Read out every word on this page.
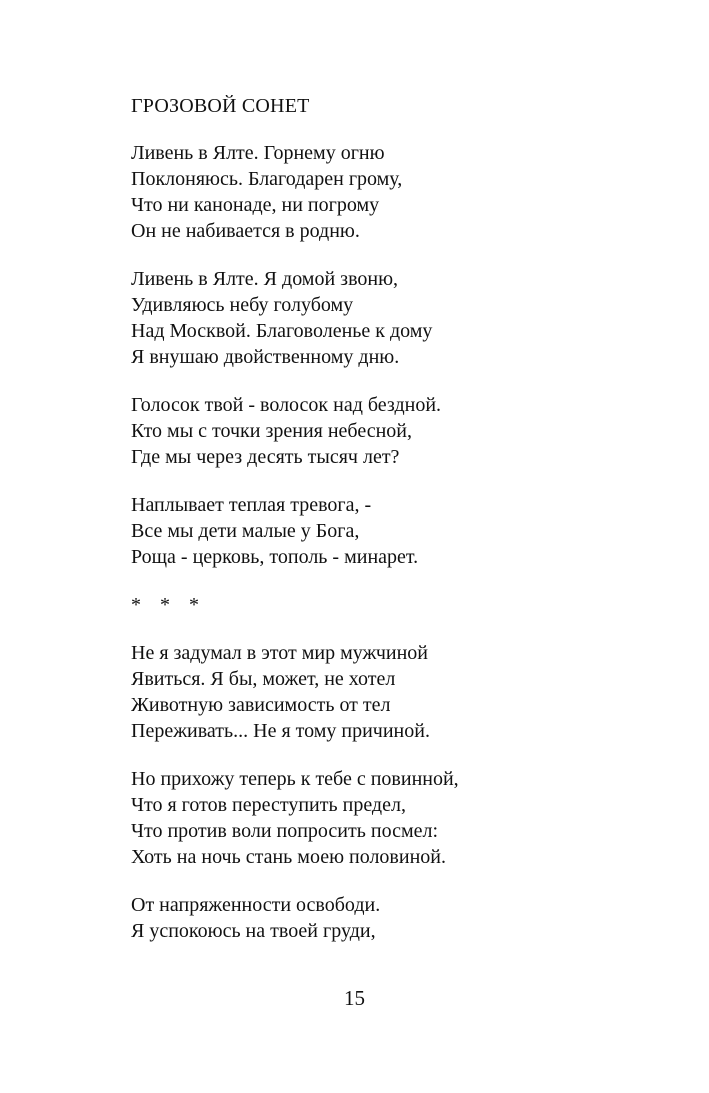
ГРОЗОВОЙ СОНЕТ
Ливень в Ялте. Горнему огню
Поклоняюсь. Благодарен грому,
Что ни канонаде, ни погрому
Он не набивается в родню.
Ливень в Ялте. Я домой звоню,
Удивляюсь небу голубому
Над Москвой. Благоволенье к дому
Я внушаю двойственному дню.
Голосок твой - волосок над бездной.
Кто мы с точки зрения небесной,
Где мы через десять тысяч лет?
Наплывает теплая тревога, -
Все мы дети малые у Бога,
Роща - церковь, тополь - минарет.
* * *
Не я задумал в этот мир мужчиной
Явиться. Я бы, может, не хотел
Животную зависимость от тел
Переживать... Не я тому причиной.
Но прихожу теперь к тебе с повинной,
Что я готов переступить предел,
Что против воли попросить посмел:
Хоть на ночь стань моею половиной.
От напряженности освободи.
Я успокоюсь на твоей груди,
15
